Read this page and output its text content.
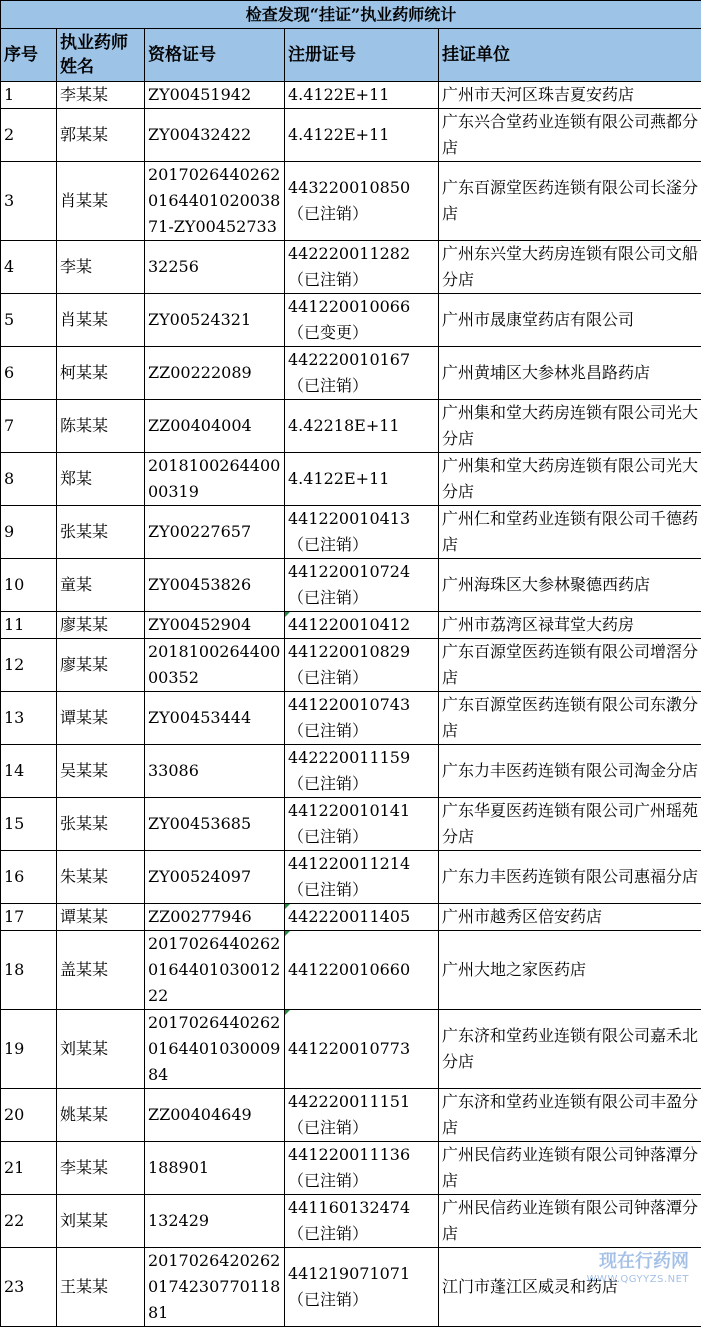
检查发现“挂证”执业药师统计				
序号	执业药师姓名	资格证号	注册证号	挂证单位
1	李某某	ZY00451942	4.4122E+11	广州市天河区珠吉夏安药店
2	郭某某	ZY00432422	4.4122E+11	广东兴合堂药业连锁有限公司燕都分店
3	肖某某	2017026440262016440102003871-ZY00452733	443220010850（已注销）	广东百源堂医药连锁有限公司长滏分店
4	李某	32256	442220011282（已注销）	广州东兴堂大药房连锁有限公司文船分店
5	肖某某	ZY00524321	441220010066（已变更）	广州市晟康堂药店有限公司
6	柯某某	ZZ00222089	442220010167（已注销）	广州黄埔区大参林兆昌路药店
7	陈某某	ZZ00404004	4.42218E+11	广州集和堂大药房连锁有限公司光大分店
8	郑某	201810026440000319	4.4122E+11	广州集和堂大药房连锁有限公司光大分店
9	张某某	ZY00227657	441220010413（已注销）	广州仁和堂药业连锁有限公司千德药店
10	童某	ZY00453826	441220010724（已注销）	广州海珠区大参林聚德西药店
11	廖某某	ZY00452904	441220010412	广州市荔湾区禄茸堂大药房
12	廖某某	201810026440000352	441220010829（已注销）	广东百源堂医药连锁有限公司增滘分店
13	谭某某	ZY00453444	441220010743（已注销）	广东百源堂医药连锁有限公司东漖分店
14	吴某某	33086	442220011159（已注销）	广东力丰医药连锁有限公司淘金分店
15	张某某	ZY00453685	441220010141（已注销）	广东华夏医药连锁有限公司广州瑶苑分店
16	朱某某	ZY00524097	441220011214（已注销）	广东力丰医药连锁有限公司惠福分店
17	谭某某	ZZ00277946	442220011405	广州市越秀区倍安药店
18	盖某某	2017026440262016440103001222	441220010660	广州大地之家医药店
19	刘某某	2017026440262016440103000984	441220010773	广东济和堂药业连锁有限公司嘉禾北分店
20	姚某某	ZZ00404649	442220011151（已注销）	广东济和堂药业连锁有限公司丰盈分店
21	李某某	188901	441220011136（已注销）	广州民信药业连锁有限公司钟落潭分店
22	刘某某	132429	441160132474（已注销）	广州民信药业连锁有限公司钟落潭分店
23	王某某	2017026420262017423077011881	441219071071（已注销）	江门市蓬江区威灵和药店
现在行药网
WWW.QGYYZS.NET
